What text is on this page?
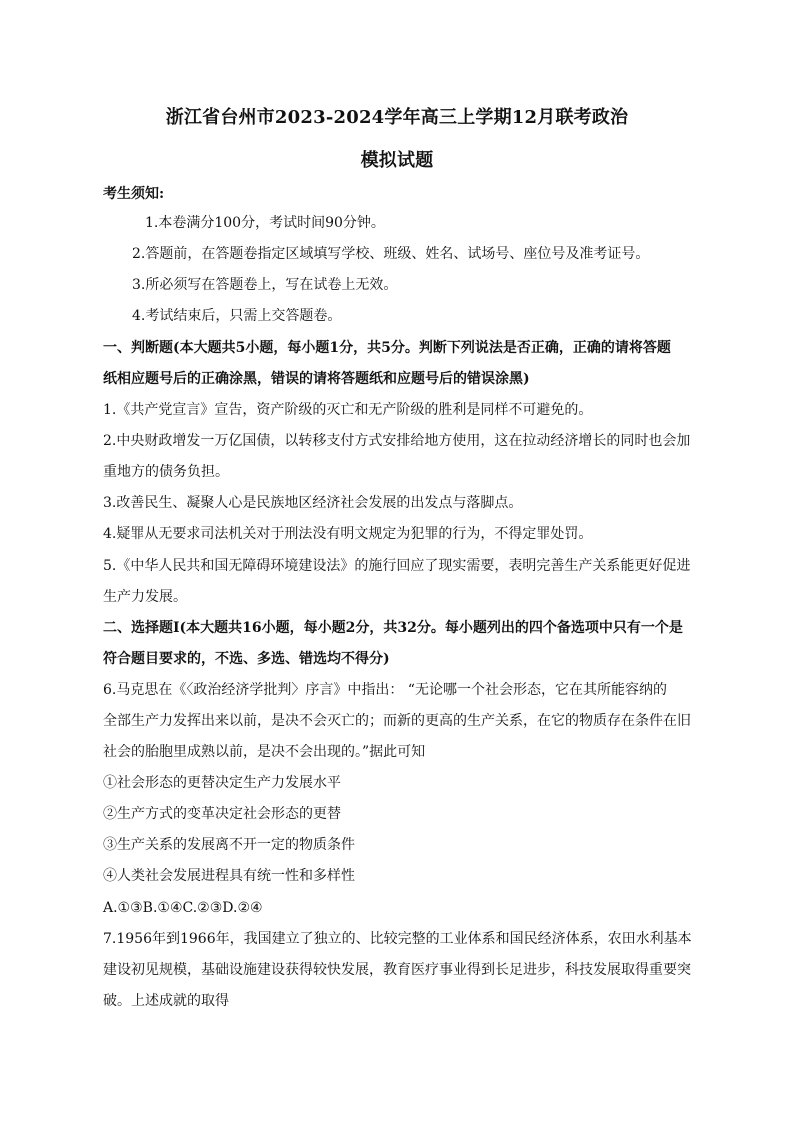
浙江省台州市2023-2024学年高三上学期12月联考政治
模拟试题
考生须知:
1.本卷满分100分，考试时间90分钟。
2.答题前，在答题卷指定区域填写学校、班级、姓名、试场号、座位号及准考证号。
3.所必须写在答题卷上，写在试卷上无效。
4.考试结束后，只需上交答题卷。
一、判断题(本大题共5小题，每小题1分，共5分。判断下列说法是否正确，正确的请将答题
纸相应题号后的正确涂黑，错误的请将答题纸和应题号后的错误涂黑)
1.《共产党宣言》宣告，资产阶级的灭亡和无产阶级的胜利是同样不可避免的。
2.中央财政增发一万亿国债，以转移支付方式安排给地方使用，这在拉动经济增长的同时也会加
重地方的债务负担。
3.改善民生、凝聚人心是民族地区经济社会发展的出发点与落脚点。
4.疑罪从无要求司法机关对于刑法没有明文规定为犯罪的行为，不得定罪处罚。
5.《中华人民共和国无障碍环境建设法》的施行回应了现实需要，表明完善生产关系能更好促进
生产力发展。
二、选择题I(本大题共16小题，每小题2分，共32分。每小题列出的四个备选项中只有一个是
符合题目要求的，不选、多选、错选均不得分)
6.马克思在《〈政治经济学批判〉序言》中指出： “无论哪一个社会形态，它在其所能容纳的
全部生产力发挥出来以前，是决不会灭亡的；而新的更高的生产关系，在它的物质存在条件在旧
社会的胎胞里成熟以前，是决不会出现的。”据此可知
①社会形态的更替决定生产力发展水平
②生产方式的变革决定社会形态的更替
③生产关系的发展离不开一定的物质条件
④人类社会发展进程具有统一性和多样性
A.①③B.①④C.②③D.②④
7.1956年到1966年，我国建立了独立的、比较完整的工业体系和国民经济体系，农田水利基本
建设初见规模，基础设施建设获得较快发展，教育医疗事业得到长足进步，科技发展取得重要突
破。上述成就的取得
